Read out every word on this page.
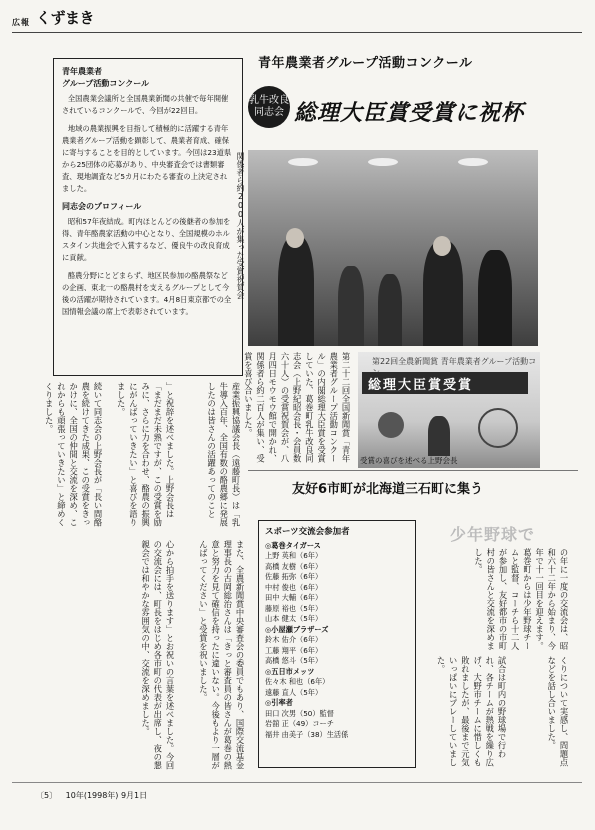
広報 くずまき
青年農業者
グループ活動コンクール

全国農業会議所と全国農業新聞の共催で毎年開催されているコンクールで、今回が22回目。

地域の農業振興を目指して積極的に活躍する青年農業者グループ活動を顕彰して、農業者育成、確保に寄与することを目的としています。今回は23道県から25団体の応募があり、中央審査会では書類審査、現地調査など5カ月にわたる審査の上決定されました。

同志会のプロフィール

昭和57年夜結成。町内ほとんどの後継者の参加を得、青年酪農家活動の中心となり、全国規模のホルスタイン共進会で入賞するなど、優良牛の改良育成に貢献。

酪農分野にとどまらず、地区民参加の酪農祭などの企画、東北一の酪農村を支えるグループとして今後の活躍が期待されています。4月8日東京都での全国情報会議の席上で表彰されています。

青年農業者グループ活動コンクール
乳牛改良
同志会 総理大臣賞受賞に祝杯
関係者ら約200人が集った受賞祝賀会
第22回全農新聞賞 青年農業者グループ活動コ
総理大臣賞受賞
受賞の喜びを述べる上野会長
第二十二回全国新聞賞「青年農業者グループ活動コンクール」の内閣総理大臣賞を受賞していた、葛巻町乳牛改良同志会（上野紀昭会長・会員数六十人）の受賞祝賀会が、八月四日モウモウ館で開かれ、関係者ら約二百人が集い、受賞を喜び合いました。
産業振興協議会長（遠藤町長）は「乳牛導入百年、全国有数の酪農郷に発展したのは皆さんの活躍あってのこと
」と祝辞を述べました。上野会長は「まだまだ未熟ですが、この受賞を励みに、さらに力を合わせ、酪農の振興にがんばっていきたい」と喜びを語りました。
また、全農新聞賞中央審査会の委員でもあり、国際交流基金理事長の古岡総治さんは「きっと審査員の皆さんが葛巻の熱意と努力を見て確信を持ったに違いない。今後もより一層がんばってください」と受賞を祝いました。
続いて同志会の上野会長が「長い間酪農を続けてきた成果、この受賞をきっかけに、全国の仲間と交流を深め、これからも頑張っていきたい」と締めくくりました。
友好6市町が北海道三石町に集う
少年野球で
の年に一度の交流会は、昭和六十二年から始まり、今年で十一回目を迎えます。葛巻町からは少年野球チームと監督、コーチら十二人が参加し、友好都市の市町村の皆さんと交流を深めました。
試合は町内の野球場で行われ、各チームが熱戦を繰り広げ、大野市チームに惜しくも敗れましたが、最後まで元気いっぱいにプレーしていました。	くりについて実感し、問題点などを話し合いました。
心から拍手を送ります」とお祝いの言葉を述べました。今回の交流会には、町長をはじめ各市町の代表が出席し、夜の懇親会では和やかな雰囲気の中、交流を深めました。
スポーツ交流会参加者
◎葛巻タイガース
上野 英和（6年）
高橋 友樹（6年）
佐藤 拓弥（6年）
中村 俊也（6年）
田中 大輔（6年）
藤原 裕也（5年）
山本 健太（5年）
◎小屋瀬ブラザーズ
鈴木 佑介（6年）
工藤 翔平（6年）
高橋 悠斗（5年）
◎五日市メッツ
佐々木 和也（6年）
遠藤 直人（5年）
◎引率者
田口 次男（50）監督
岩舘 正（49）コーチ
福井 由美子（38）生活係
〔5〕 10年(1998年) 9月1日
